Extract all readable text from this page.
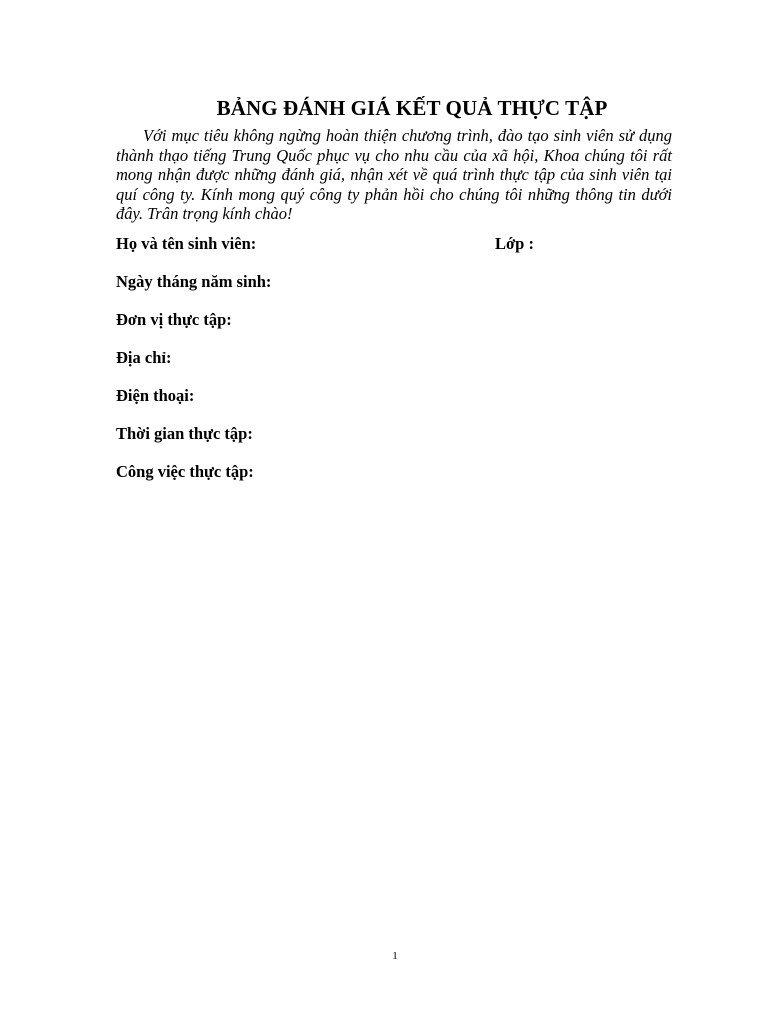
BẢNG ĐÁNH GIÁ KẾT QUẢ THỰC TẬP

Với mục tiêu không ngừng hoàn thiện chương trình, đào tạo sinh viên sử dụng thành thạo tiếng Trung Quốc phục vụ cho nhu cầu của xã hội, Khoa chúng tôi rất mong nhận được những đánh giá, nhận xét về quá trình thực tập của sinh viên tại quí công ty. Kính mong quý công ty phản hồi cho chúng tôi những thông tin dưới đây. Trân trọng kính chào!

Họ và tên sinh viên:	Lớp :
Ngày tháng năm sinh:
Đơn vị thực tập:
Địa chỉ:
Điện thoại:
Thời gian thực tập:
Công việc thực tập:
1
